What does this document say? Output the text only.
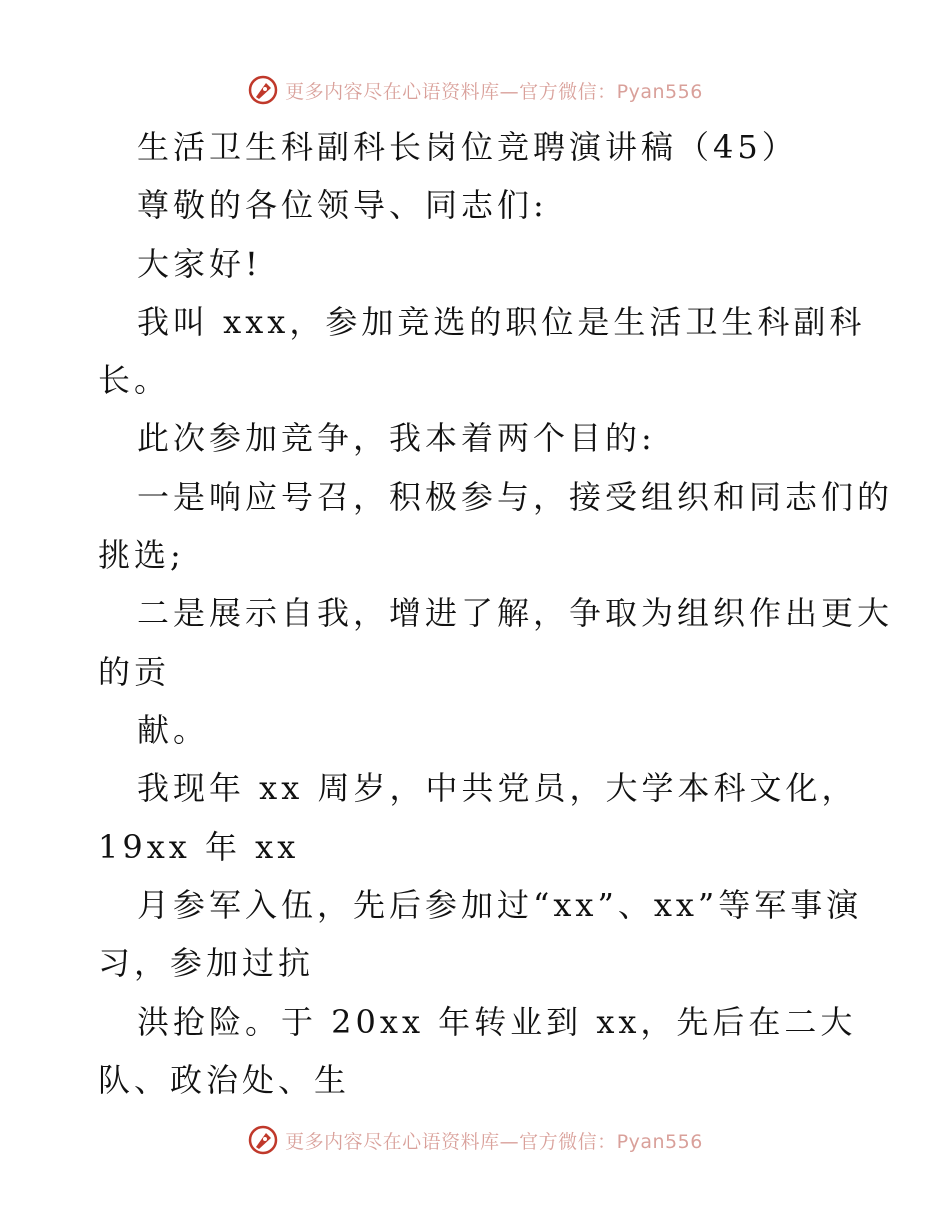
更多内容尽在心语资料库—官方微信：Pyan556
生活卫生科副科长岗位竞聘演讲稿（45）
尊敬的各位领导、同志们:
大家好!
我叫 xxx，参加竞选的职位是生活卫生科副科
长。
此次参加竞争，我本着两个目的:
一是响应号召，积极参与，接受组织和同志们的
挑选;
二是展示自我，增进了解，争取为组织作出更大
的贡
献。
我现年 xx 周岁，中共党员，大学本科文化，
19xx 年 xx
月参军入伍，先后参加过“xx”、xx”等军事演
习，参加过抗
洪抢险。于 20xx 年转业到 xx，先后在二大
队、政治处、生
更多内容尽在心语资料库—官方微信：Pyan556
